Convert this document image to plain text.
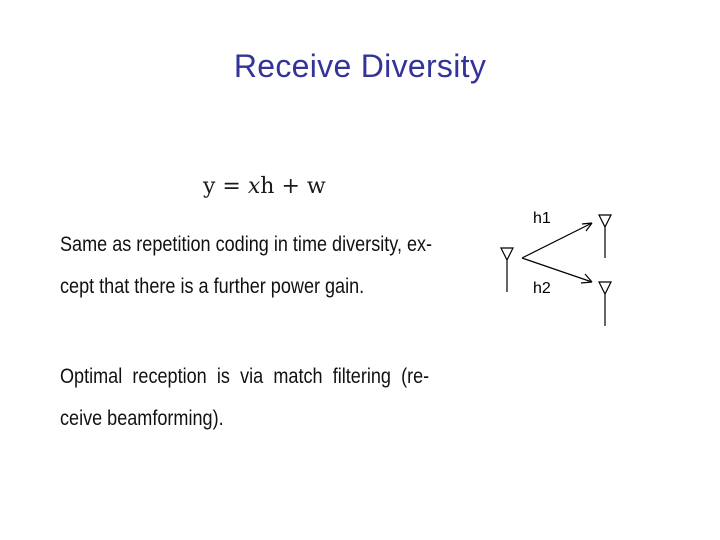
Receive Diversity
y = xh + w
Same as repetition coding in time diversity, ex-
cept that there is a further power gain.
Optimal reception is via match filtering (re-
ceive beamforming).
h1
h2
